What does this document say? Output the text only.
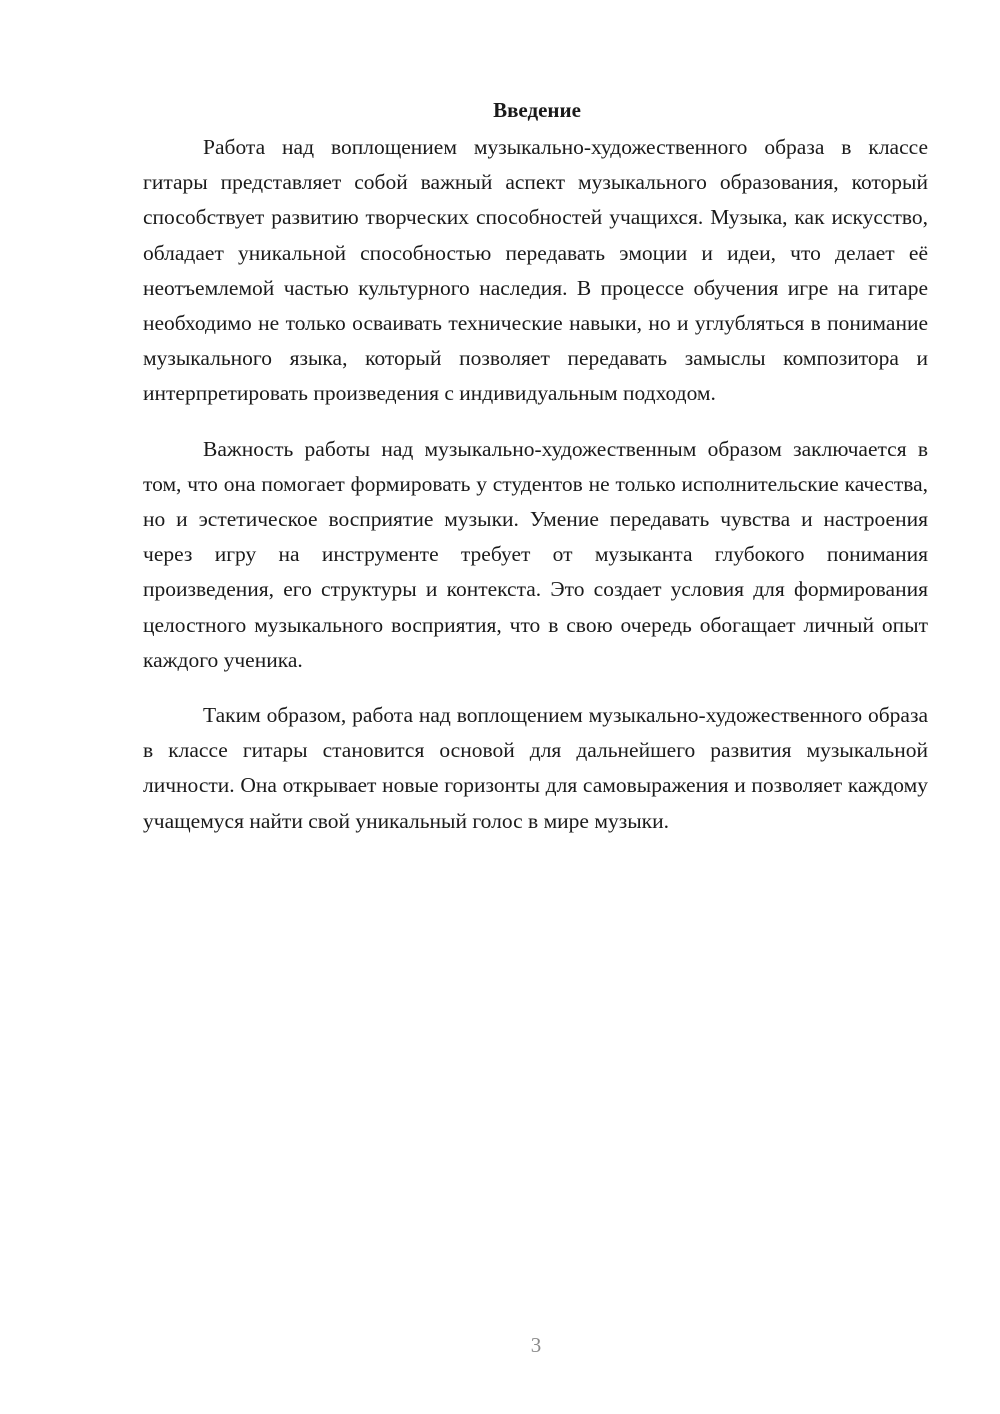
Введение

Работа над воплощением музыкально-художественного образа в классе гитары представляет собой важный аспект музыкального образования, который способствует развитию творческих способностей учащихся. Музыка, как искусство, обладает уникальной способностью передавать эмоции и идеи, что делает её неотъемлемой частью культурного наследия. В процессе обучения игре на гитаре необходимо не только осваивать технические навыки, но и углубляться в понимание музыкального языка, который позволяет передавать замыслы композитора и интерпретировать произведения с индивидуальным подходом.

Важность работы над музыкально-художественным образом заключается в том, что она помогает формировать у студентов не только исполнительские качества, но и эстетическое восприятие музыки. Умение передавать чувства и настроения через игру на инструменте требует от музыканта глубокого понимания произведения, его структуры и контекста. Это создает условия для формирования целостного музыкального восприятия, что в свою очередь обогащает личный опыт каждого ученика.

Таким образом, работа над воплощением музыкально-художественного образа в классе гитары становится основой для дальнейшего развития музыкальной личности. Она открывает новые горизонты для самовыражения и позволяет каждому учащемуся найти свой уникальный голос в мире музыки.

3
